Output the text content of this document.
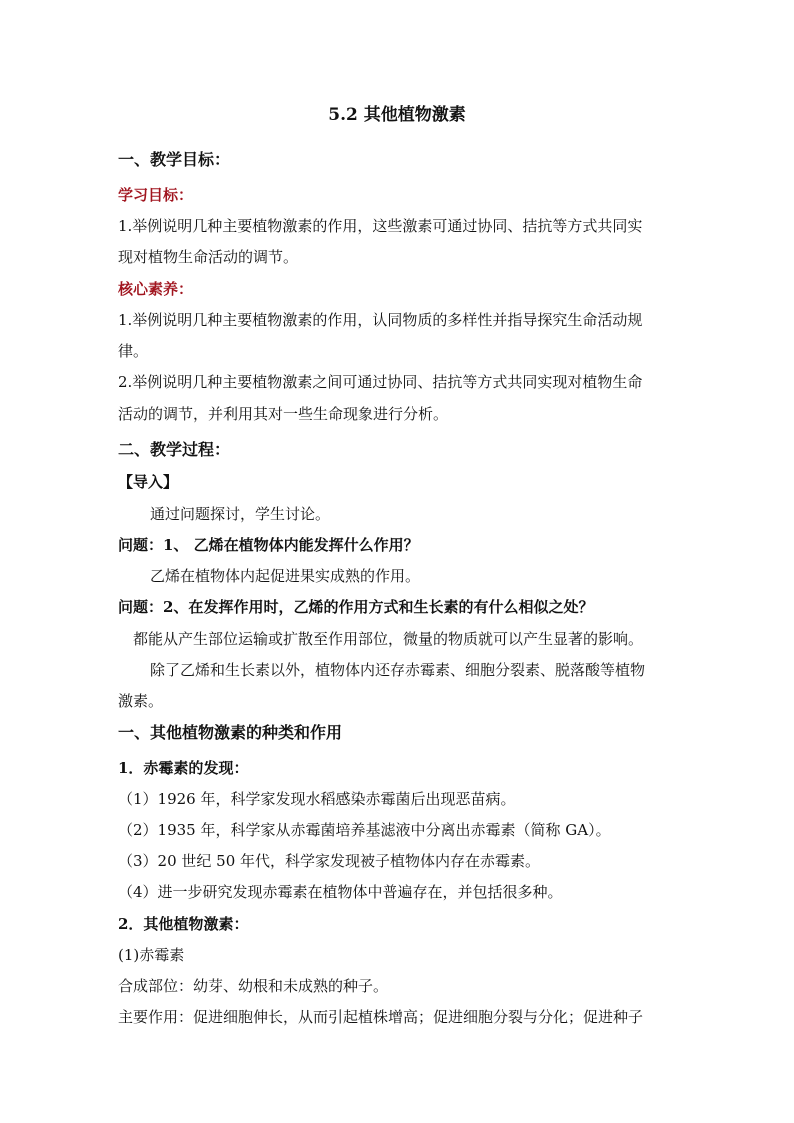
5.2 其他植物激素
一、教学目标：
学习目标：
1.举例说明几种主要植物激素的作用，这些激素可通过协同、拮抗等方式共同实
现对植物生命活动的调节。
核心素养：
1.举例说明几种主要植物激素的作用，认同物质的多样性并指导探究生命活动规
律。
2.举例说明几种主要植物激素之间可通过协同、拮抗等方式共同实现对植物生命
活动的调节，并利用其对一些生命现象进行分析。
二、教学过程：
【导入】
通过问题探讨，学生讨论。
问题：1、 乙烯在植物体内能发挥什么作用？
乙烯在植物体内起促进果实成熟的作用。
问题：2、在发挥作用时，乙烯的作用方式和生长素的有什么相似之处？
都能从产生部位运输或扩散至作用部位，微量的物质就可以产生显著的影响。
除了乙烯和生长素以外，植物体内还存赤霉素、细胞分裂素、脱落酸等植物
激素。
一、其他植物激素的种类和作用
1．赤霉素的发现：
（1）1926 年，科学家发现水稻感染赤霉菌后出现恶苗病。
（2）1935 年，科学家从赤霉菌培养基滤液中分离出赤霉素（简称 GA）。
（3）20 世纪 50 年代，科学家发现被子植物体内存在赤霉素。
（4）进一步研究发现赤霉素在植物体中普遍存在，并包括很多种。
2．其他植物激素：
(1)赤霉素
合成部位：幼芽、幼根和未成熟的种子。
主要作用：促进细胞伸长，从而引起植株增高；促进细胞分裂与分化；促进种子
